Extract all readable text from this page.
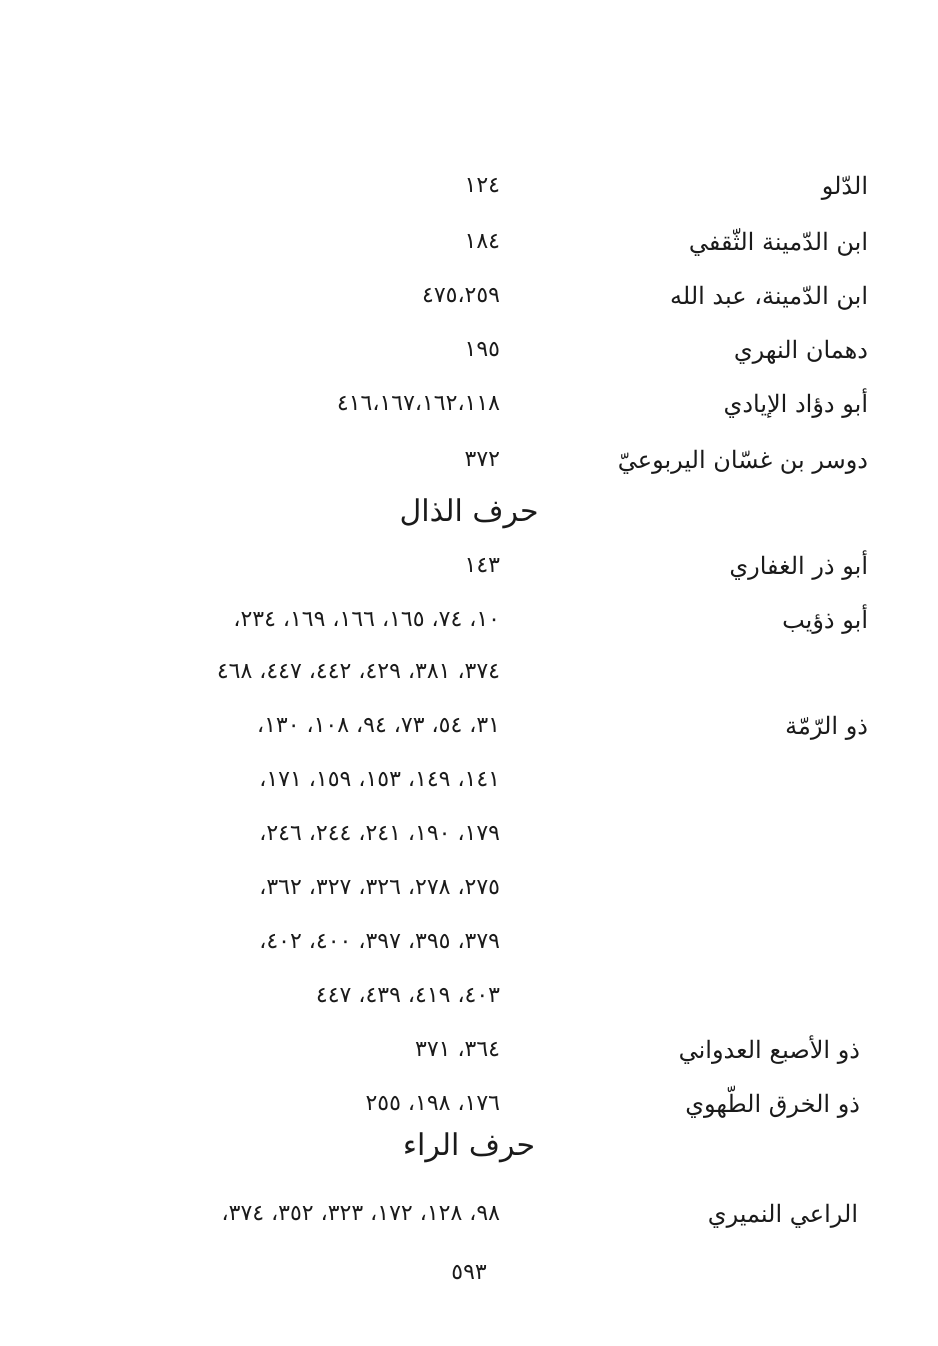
الدّلو
١٢٤
ابن الدّمينة الثّقفي
١٨٤
ابن الدّمينة، عبد الله
٤٧٥،٢٥٩
دهمان النهري
١٩٥
أبو دؤاد الإيادي
٤١٦،١٦٧،١٦٢،١١٨
دوسر بن غسّان اليربوعيّ
٣٧٢
حرف الذال
أبو ذر الغفاري
١٤٣
أبو ذؤيب
١٠، ٧٤، ١٦٥، ١٦٦، ١٦٩، ٢٣٤،
٣٧٤، ٣٨١، ٤٢٩، ٤٤٢، ٤٤٧، ٤٦٨
ذو الرّمّة
٣١، ٥٤، ٧٣، ٩٤، ١٠٨، ١٣٠،
١٤١، ١٤٩، ١٥٣، ١٥٩، ١٧١،
١٧٩، ١٩٠، ٢٤١، ٢٤٤، ٢٤٦،
٢٧٥، ٢٧٨، ٣٢٦، ٣٢٧، ٣٦٢،
٣٧٩، ٣٩٥، ٣٩٧، ٤٠٠، ٤٠٢،
٤٠٣، ٤١٩، ٤٣٩، ٤٤٧
ذو الأصبع العدواني
٣٦٤، ٣٧١
ذو الخرق الطّهوي
١٧٦، ١٩٨، ٢٥٥
حرف الراء
الراعي النميري
٩٨، ١٢٨، ١٧٢، ٣٢٣، ٣٥٢، ٣٧٤،
٥٩٣
